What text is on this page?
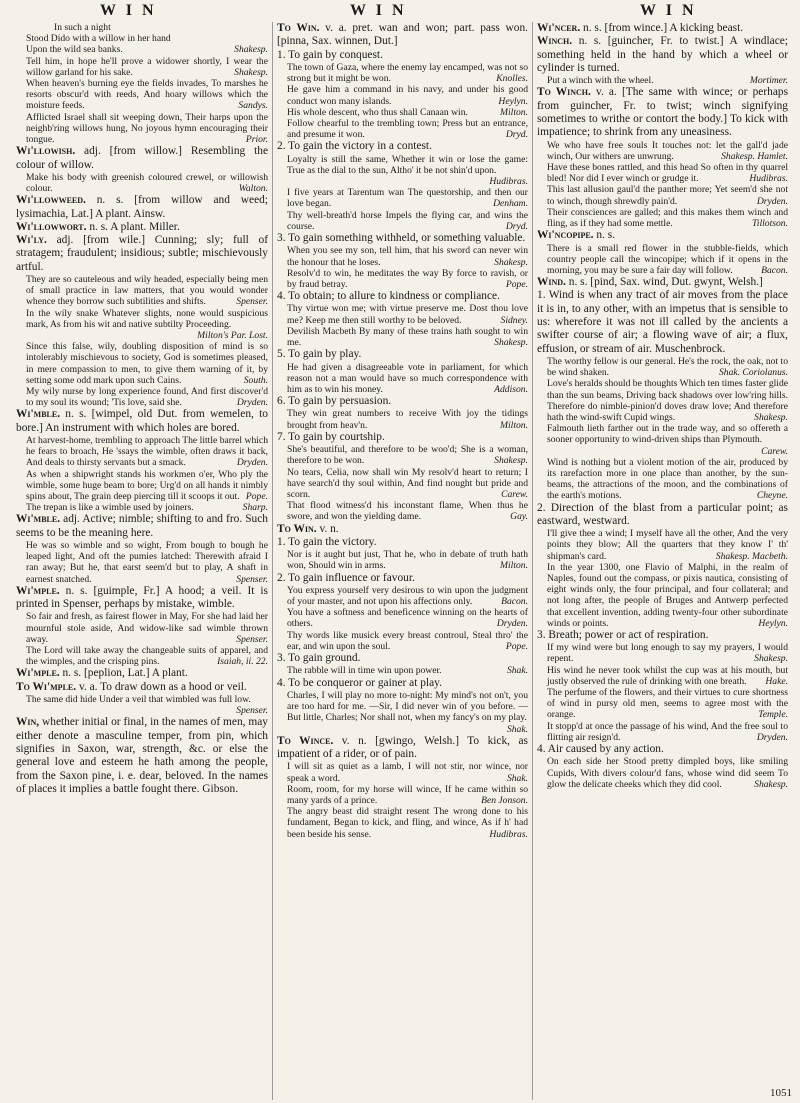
W I N	W I N	W I N

In such a night

Stood Dido with a willow in her hand

Upon the wild sea banks.	Shakesp.

Tell him, in hope he'll prove a widower shortly, I wear the willow garland for his sake.	Shakesp.

When heaven's burning eye the fields invades, To marshes he resorts obscur'd with reeds, And hoary willows which the moisture feeds.	Sandys.

Afflicted Israel shall sit weeping down, Their harps upon the neighb'ring willows hung, No joyous hymn encouraging their tongue.	Prior.

Wi'llowish. adj. [from willow.] Resembling the colour of willow.

Make his body with greenish coloured crewel, or willowish colour.	Walton.

Wi'llowweed. n. s. [from willow and weed; lysimachia, Lat.] A plant. Ainsw.

Wi'llowwort. n. s. A plant. Miller.

Wi'ly. adj. [from wile.] Cunning; sly; full of stratagem; fraudulent; insidious; subtle; mischievously artful.

They are so cauteleous and wily headed, especially being men of small practice in law matters, that you would wonder whence they borrow such subtilities and shifts.	Spenser.

In the wily snake Whatever slights, none would suspicious mark, As from his wit and native subtilty Proceeding.
Milton's Par. Lost.

Since this false, wily, doubling disposition of mind is so intolerably mischievous to society, God is sometimes pleased, in mere compassion to men, to give them warning of it, by setting some odd mark upon such Cains.	South.

My wily nurse by long experience found, And first discover'd to my soul its wound; 'Tis love, said she.	Dryden.

Wi'mble. n. s. [wimpel, old Dut. from wemelen, to bore.] An instrument with which holes are bored.

At harvest-home, trembling to approach The little barrel which he fears to broach, He 'ssays the wimble, often draws it back, And deals to thirsty servants but a smack.	Dryden.

As when a shipwright stands his workmen o'er, Who ply the wimble, some huge beam to bore; Urg'd on all hands it nimbly spins about, The grain deep piercing till it scoops it out. Pope.

The trepan is like a wimble used by joiners.	Sharp.

Wi'mble. adj. Active; nimble; shifting to and fro. Such seems to be the meaning here.

He was so wimble and so wight, From bough to bough he leaped light, And oft the pumies latched: Therewith afraid I ran away; But he, that earst seem'd but to play, A shaft in earnest snatched.	Spenser.

Wi'mple. n. s. [guimple, Fr.] A hood; a veil. It is printed in Spenser, perhaps by mistake, wimble.

So fair and fresh, as fairest flower in May, For she had laid her mournful stole aside, And widow-like sad wimble thrown away.	Spenser.

The Lord will take away the changeable suits of apparel, and the wimples, and the crisping pins.	Isaiah, ii. 22.

Wi'mple. n. s. [peplion, Lat.] A plant.

To Wi'mple. v. a. To draw down as a hood or veil.

The same did hide Under a veil that wimbled was full low.
Spenser.

Win, whether initial or final, in the names of men, may either denote a masculine temper, from pin, which signifies in Saxon, war, strength, &c. or else the general love and esteem he hath among the people, from the Saxon pine, i. e. dear, beloved. In the names of places it implies a battle fought there. Gibson.

To Win. v. a. pret. wan and won; part. pass won. [pinna, Sax. winnen, Dut.]

1. To gain by conquest.

The town of Gaza, where the enemy lay encamped, was not so strong but it might be won.	Knolles.

He gave him a command in his navy, and under his good conduct won many islands.	Heylyn.

His whole descent, who thus shall Canaan win.	Milton.

Follow chearful to the trembling town; Press but an entrance, and presume it won.	Dryd.

2. To gain the victory in a contest.

Loyalty is still the same, Whether it win or lose the game: True as the dial to the sun, Altho' it be not shin'd upon.
Hudibras.

I five years at Tarentum wan The questorship, and then our love began.	Denham.

Thy well-breath'd horse Impels the flying car, and wins the course.	Dryd.

3. To gain something withheld, or something valuable.

When you see my son, tell him, that his sword can never win the honour that he loses.	Shakesp.

Resolv'd to win, he meditates the way By force to ravish, or by fraud betray.	Pope.

4. To obtain; to allure to kindness or compliance.

Thy virtue won me; with virtue preserve me. Dost thou love me? Keep me then still worthy to be beloved.	Sidney.

Devilish Macbeth By many of these trains hath sought to win me.	Shakesp.

5. To gain by play.

He had given a disagreeable vote in parliament, for which reason not a man would have so much correspondence with him as to win his money.	Addison.

6. To gain by persuasion.

They win great numbers to receive With joy the tidings brought from heav'n.	Milton.

7. To gain by courtship.

She's beautiful, and therefore to be woo'd; She is a woman, therefore to be won.	Shakesp.

No tears, Celia, now shall win My resolv'd heart to return; I have search'd thy soul within, And find nought but pride and scorn.	Carew.

That flood witness'd his inconstant flame, When thus he swore, and won the yielding dame.	Gay.

To Win. v. n.

1. To gain the victory.

Nor is it aught but just, That he, who in debate of truth hath won, Should win in arms.	Milton.

2. To gain influence or favour.

You express yourself very desirous to win upon the judgment of your master, and not upon his affections only.	Bacon.

You have a softness and beneficence winning on the hearts of others.	Dryden.

Thy words like musick every breast controul, Steal thro' the ear, and win upon the soul.	Pope.

3. To gain ground.

The rabble will in time win upon power.	Shak.

4. To be conqueror or gainer at play.

Charles, I will play no more to-night: My mind's not on't, you are too hard for me. —Sir, I did never win of you before. —But little, Charles; Nor shall not, when my fancy's on my play.
Shak.

To Wince. v. n. [gwingo, Welsh.] To kick, as impatient of a rider, or of pain.

I will sit as quiet as a lamb, I will not stir, nor wince, nor speak a word.	Shak.

Room, room, for my horse will wince, If he came within so many yards of a prince.	Ben Jonson.

The angry beast did straight resent The wrong done to his fundament, Began to kick, and fling, and wince, As if h' had been beside his sense.	Hudibras.

Wi'ncer. n. s. [from wince.] A kicking beast.

Winch. n. s. [guincher, Fr. to twist.] A windlace; something held in the hand by which a wheel or cylinder is turned.

Put a winch with the wheel.	Mortimer.

To Winch. v. a. [The same with wince; or perhaps from guincher, Fr. to twist; winch signifying sometimes to writhe or contort the body.] To kick with impatience; to shrink from any uneasiness.

We who have free souls It touches not: let the gall'd jade winch, Our withers are unwrung.	Shakesp. Hamlet.

Have these bones rattled, and this head So often in thy quarrel bled! Nor did I ever winch or grudge it.	Hudibras.

This last allusion gaul'd the panther more; Yet seem'd she not to winch, though shrewdly pain'd.	Dryden.

Their consciences are galled; and this makes them winch and fling, as if they had some mettle.	Tillotson.

Wi'ncopipe. n. s.

There is a small red flower in the stubble-fields, which country people call the wincopipe; which if it opens in the morning, you may be sure a fair day will follow.	Bacon.

Wind. n. s. [pind, Sax. wind, Dut. gwynt, Welsh.]

1. Wind is when any tract of air moves from the place it is in, to any other, with an impetus that is sensible to us: wherefore it was not ill called by the ancients a swifter course of air; a flowing wave of air; a flux, effusion, or stream of air. Muschenbrock.

The worthy fellow is our general. He's the rock, the oak, not to be wind shaken.	Shak. Coriolanus.

Love's heralds should be thoughts Which ten times faster glide than the sun beams, Driving back shadows over low'ring hills. Therefore do nimble-pinion'd doves draw love; And therefore hath the wind-swift Cupid wings.	Shakesp.

Falmouth lieth farther out in the trade way, and so offereth a sooner opportunity to wind-driven ships than Plymouth.
Carew.

Wind is nothing but a violent motion of the air, produced by its rarefaction more in one place than another, by the sun-beams, the attractions of the moon, and the combinations of the earth's motions.	Cheyne.

2. Direction of the blast from a particular point; as eastward, westward.

I'll give thee a wind; I myself have all the other, And the very points they blow; All the quarters that they know I' th' shipman's card.	Shakesp. Macbeth.

In the year 1300, one Flavio of Malphi, in the realm of Naples, found out the compass, or pixis nautica, consisting of eight winds only, the four principal, and four collateral; and not long after, the people of Bruges and Antwerp perfected that excellent invention, adding twenty-four other subordinate winds or points.	Heylyn.

3. Breath; power or act of respiration.

If my wind were but long enough to say my prayers, I would repent.	Shakesp.

His wind he never took whilst the cup was at his mouth, but justly observed the rule of drinking with one breath.	Hake.

The perfume of the flowers, and their virtues to cure shortness of wind in pursy old men, seems to agree most with the orange.	Temple.

It stopp'd at once the passage of his wind, And the free soul to flitting air resign'd.	Dryden.

4. Air caused by any action.

On each side her Stood pretty dimpled boys, like smiling Cupids, With divers colour'd fans, whose wind did seem To glow the delicate cheeks which they did cool.	Shakesp.

1051
